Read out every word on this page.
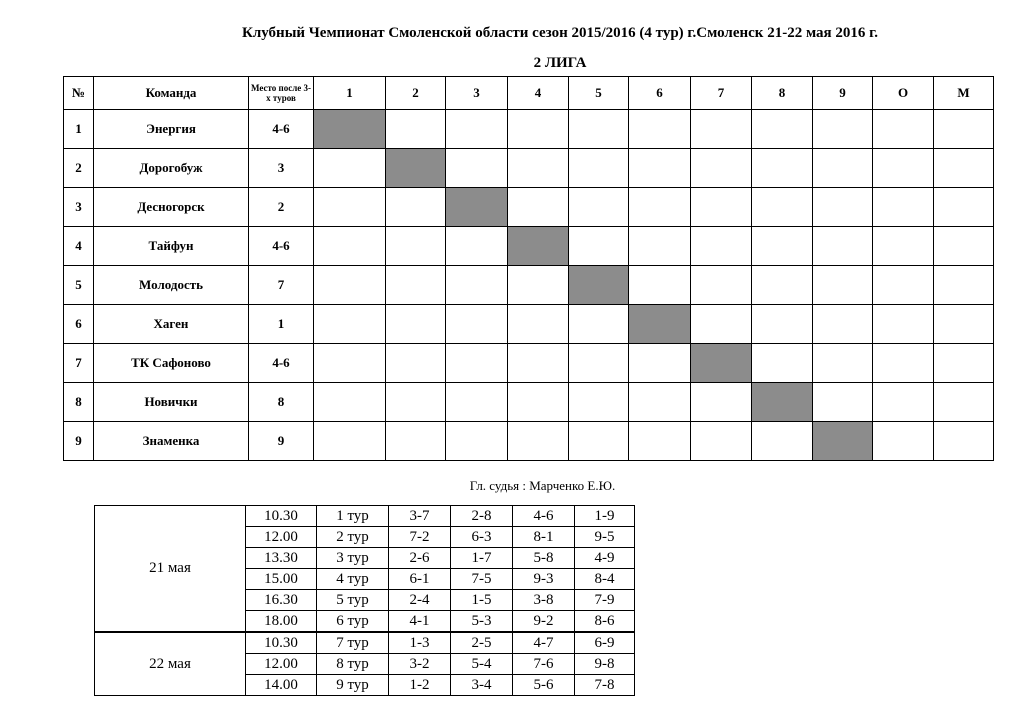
Клубный Чемпионат Смоленской области сезон 2015/2016 (4 тур) г.Смоленск 21-22 мая 2016 г.
2 ЛИГА
№	Команда	Место после 3-х туров	1	2	3	4	5	6	7	8	9	О	М
1	Энергия	4-6											
2	Дорогобуж	3											
3	Десногорск	2											
4	Тайфун	4-6											
5	Молодость	7											
6	Хаген	1											
7	ТК Сафоново	4-6											
8	Новички	8											
9	Знаменка	9											
Гл. судья : Марченко Е.Ю.
21 мая	10.30	1 тур	3-7	2-8	4-6	1-9
	12.00	2 тур	7-2	6-3	8-1	9-5
	13.30	3 тур	2-6	1-7	5-8	4-9
	15.00	4 тур	6-1	7-5	9-3	8-4
	16.30	5 тур	2-4	1-5	3-8	7-9
	18.00	6 тур	4-1	5-3	9-2	8-6
22 мая	10.30	7 тур	1-3	2-5	4-7	6-9
	12.00	8 тур	3-2	5-4	7-6	9-8
	14.00	9 тур	1-2	3-4	5-6	7-8
